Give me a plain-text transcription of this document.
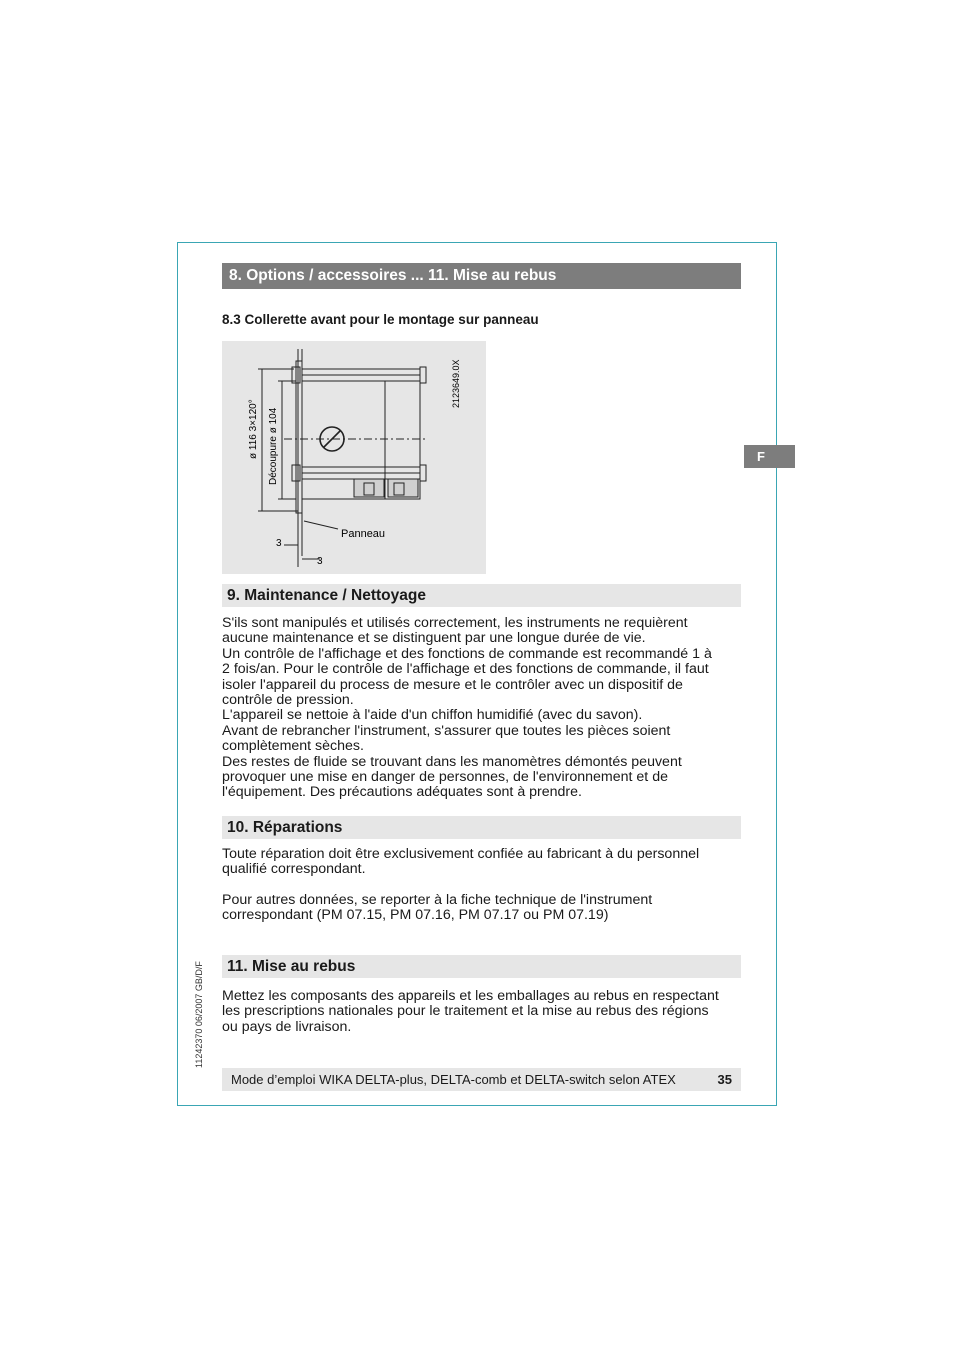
8. Options / accessoires ... 11. Mise au rebus
8.3 Collerette avant pour le montage sur panneau
ø 116 3×120° Découpure ø 104
2123649.0X
Panneau
3
3
F
9. Maintenance / Nettoyage

S'ils sont manipulés et utilisés correctement, les instruments ne requièrent

aucune maintenance et se distinguent par une longue durée de vie.

Un contrôle de l'affichage et des fonctions de commande est recommandé 1 à

2 fois/an. Pour le contrôle de l'affichage et des fonctions de commande, il faut

isoler l'appareil du process de mesure et le contrôler avec un dispositif de

contrôle de pression.

L'appareil se nettoie à l'aide d'un chiffon humidifié (avec du savon).

Avant de rebrancher l'instrument, s'assurer que toutes les pièces soient

complètement sèches.

Des restes de fluide se trouvant dans les manomètres démontés peuvent

provoquer une mise en danger de personnes, de l'environnement et de

l'équipement. Des précautions adéquates sont à prendre.

10. Réparations

Toute réparation doit être exclusivement confiée au fabricant à du personnel

qualifié correspondant.

Pour autres données, se reporter à la fiche technique de l'instrument

correspondant (PM 07.15, PM 07.16, PM 07.17 ou PM 07.19)

11. Mise au rebus

Mettez les composants des appareils et les emballages au rebus en respectant

les prescriptions nationales pour le traitement et la mise au rebus des régions

ou pays de livraison.

11242370 06/2007 GB/D/F
Mode d’emploi WIKA DELTA-plus, DELTA-comb et DELTA-switch selon ATEX	35
